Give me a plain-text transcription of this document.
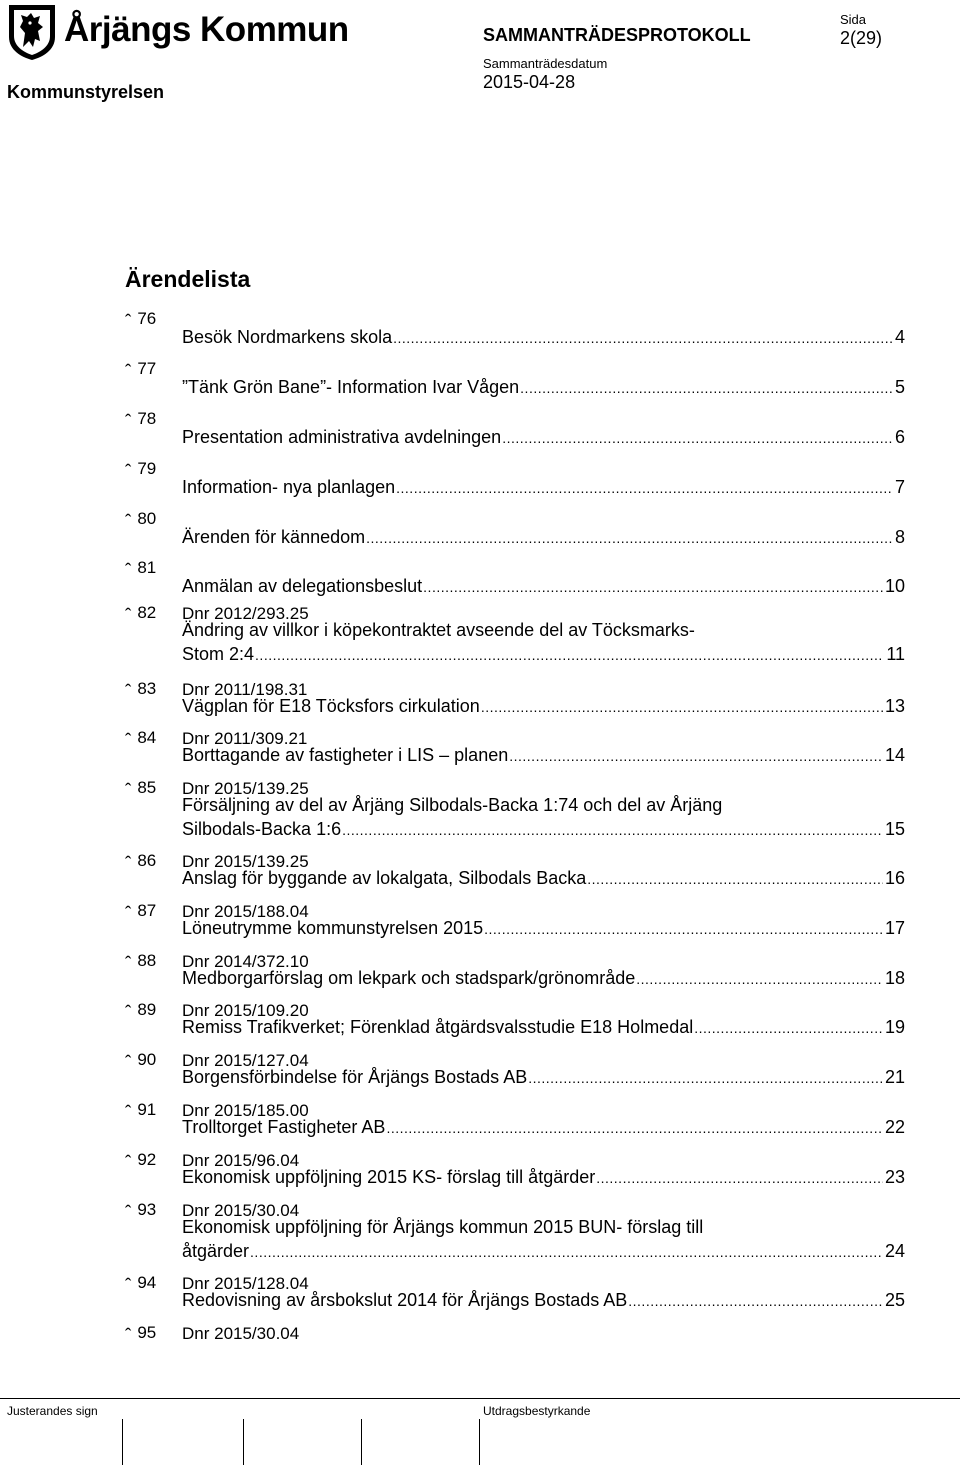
Årjängs Kommun	SAMMANTRÄDESPROTOKOLL
Sida
2(29)
Sammanträdesdatum
2015-04-28
Kommunstyrelsen
Ärendelista
ˆ 76
Besök Nordmarkens skola .....	4
ˆ 77
”Tänk Grön Bane”- Information Ivar Vågen .....	5
ˆ 78
Presentation administrativa avdelningen .....	6
ˆ 79
Information- nya planlagen .....	7
ˆ 80
Ärenden för kännedom .....	8
ˆ 81
Anmälan av delegationsbeslut .....	10
ˆ 82 Dnr 2012/293.25
Ändring av villkor i köpekontraktet avseende del av Töcksmarks-
Stom 2:4 .....	11
ˆ 83 Dnr 2011/198.31
Vägplan för E18 Töcksfors cirkulation .....	13
ˆ 84 Dnr 2011/309.21
Borttagande av fastigheter i LIS – planen .....	14
ˆ 85 Dnr 2015/139.25
Försäljning av del av Årjäng Silbodals-Backa 1:74 och del av Årjäng
Silbodals-Backa 1:6 .....	15
ˆ 86 Dnr 2015/139.25
Anslag för byggande av lokalgata, Silbodals Backa .....	16
ˆ 87 Dnr 2015/188.04
Löneutrymme kommunstyrelsen 2015 .....	17
ˆ 88 Dnr 2014/372.10
Medborgarförslag om lekpark och stadspark/grönområde .....	18
ˆ 89 Dnr 2015/109.20
Remiss Trafikverket; Förenklad åtgärdsvalsstudie E18 Holmedal .....	19
ˆ 90 Dnr 2015/127.04
Borgensförbindelse för Årjängs Bostads AB .....	21
ˆ 91 Dnr 2015/185.00
Trolltorget Fastigheter AB .....	22
ˆ 92 Dnr 2015/96.04
Ekonomisk uppföljning 2015 KS- förslag till åtgärder .....	23
ˆ 93 Dnr 2015/30.04
Ekonomisk uppföljning för Årjängs kommun 2015 BUN- förslag till
åtgärder .....	24
ˆ 94 Dnr 2015/128.04
Redovisning av årsbokslut 2014 för Årjängs Bostads AB .....	25
ˆ 95 Dnr 2015/30.04
Justerandes sign	Utdragsbestyrkande
